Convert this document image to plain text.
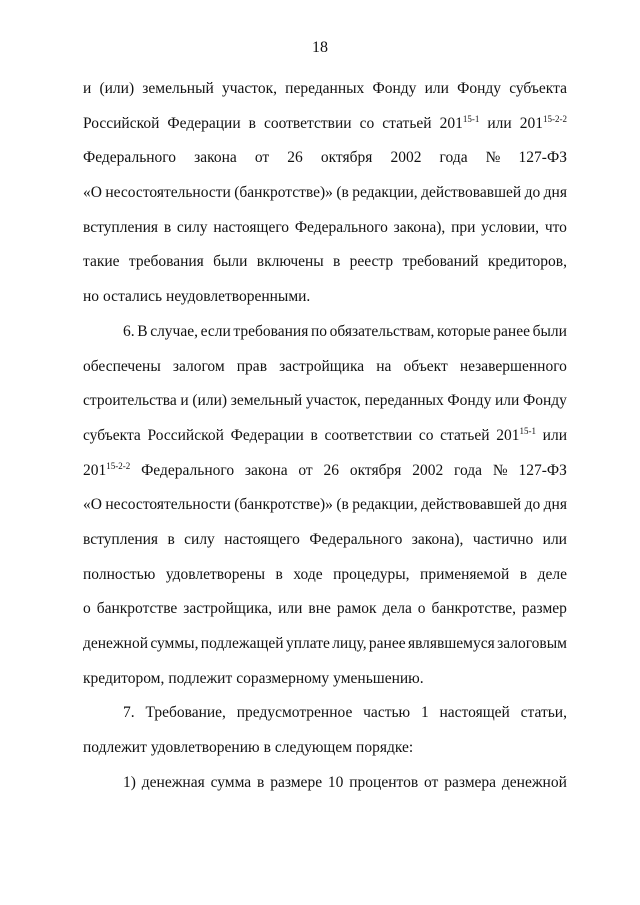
18
и (или) земельный участок, переданных Фонду или Фонду субъекта
Российской Федерации в соответствии со статьей 201$^{15-1}$ или 201$^{15-2-2}$
Федерального закона от 26 октября 2002 года № 127-ФЗ
«О несостоятельности (банкротстве)» (в редакции, действовавшей до дня
вступления в силу настоящего Федерального закона), при условии, что
такие требования были включены в реестр требований кредиторов,
но остались неудовлетворенными.
6. В случае, если требования по обязательствам, которые ранее были
обеспечены залогом прав застройщика на объект незавершенного
строительства и (или) земельный участок, переданных Фонду или Фонду
субъекта Российской Федерации в соответствии со статьей 201$^{15-1}$ или
201$^{15-2-2}$ Федерального закона от 26 октября 2002 года № 127-ФЗ
«О несостоятельности (банкротстве)» (в редакции, действовавшей до дня
вступления в силу настоящего Федерального закона), частично или
полностью удовлетворены в ходе процедуры, применяемой в деле
о банкротстве застройщика, или вне рамок дела о банкротстве, размер
денежной суммы, подлежащей уплате лицу, ранее являвшемуся залоговым
кредитором, подлежит соразмерному уменьшению.
7. Требование, предусмотренное частью 1 настоящей статьи,
подлежит удовлетворению в следующем порядке:
1) денежная сумма в размере 10 процентов от размера денежной
